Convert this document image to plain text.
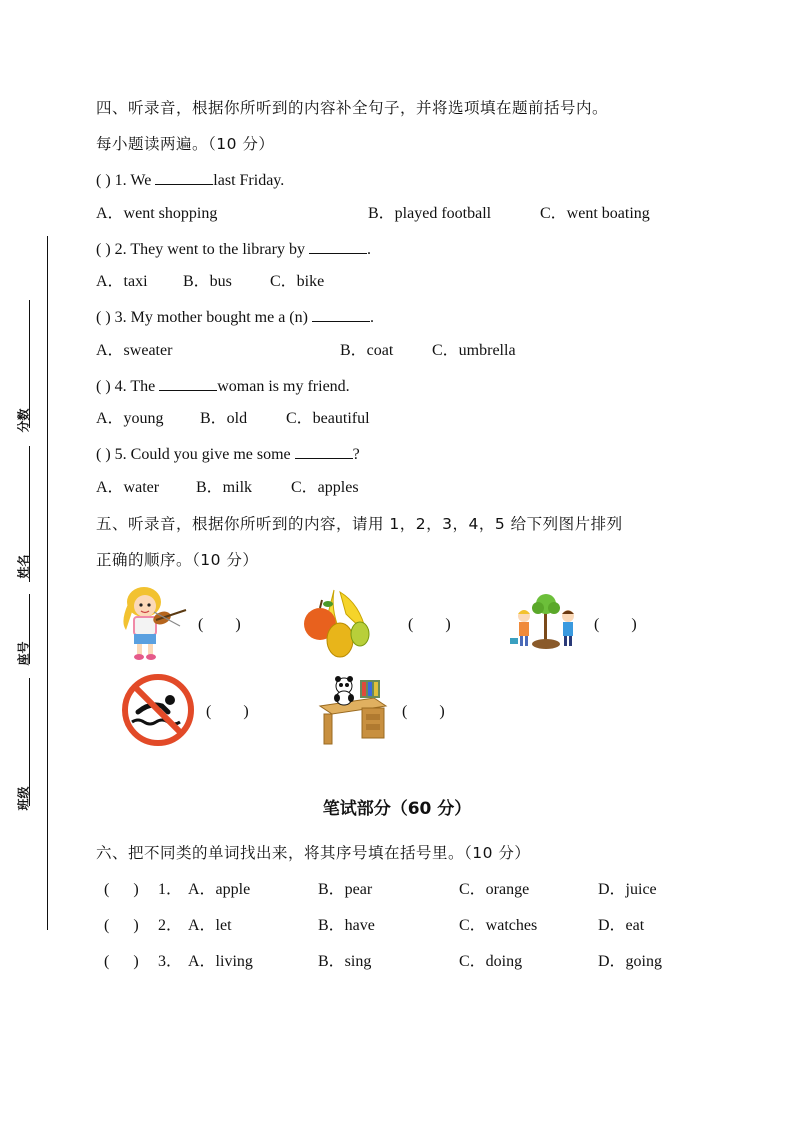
分数
姓名
座号
班级
四、听录音，根据你所听到的内容补全句子，并将选项填在题前括号内。
每小题读两遍。（10 分）
( ) 1. We	last Friday.
A．went shopping	B．played football	C．went boating
( ) 2. They went to the library by	.
A．taxi B．bus C．bike
( ) 3. My mother bought me a (n)	.
A．sweater	B．coat C．umbrella
( ) 4. The	woman is my friend.
A．young B．old C．beautiful
( ) 5. Could you give me some	?
A．water B．milk C．apples
五、听录音，根据你所听到的内容，请用 1，2，3，4，5 给下列图片排列
正确的顺序。（10 分）
(        )	(        )	(        )
(        )	(        )
笔试部分（60 分）
六、把不同类的单词找出来，将其序号填在括号里。（10 分）
(      ) 1． A．apple	B．pear	C．orange	D．juice
(      ) 2． A．let	B．have	C．watches	D．eat
(      ) 3． A．living	B．sing	C．doing	D．going
